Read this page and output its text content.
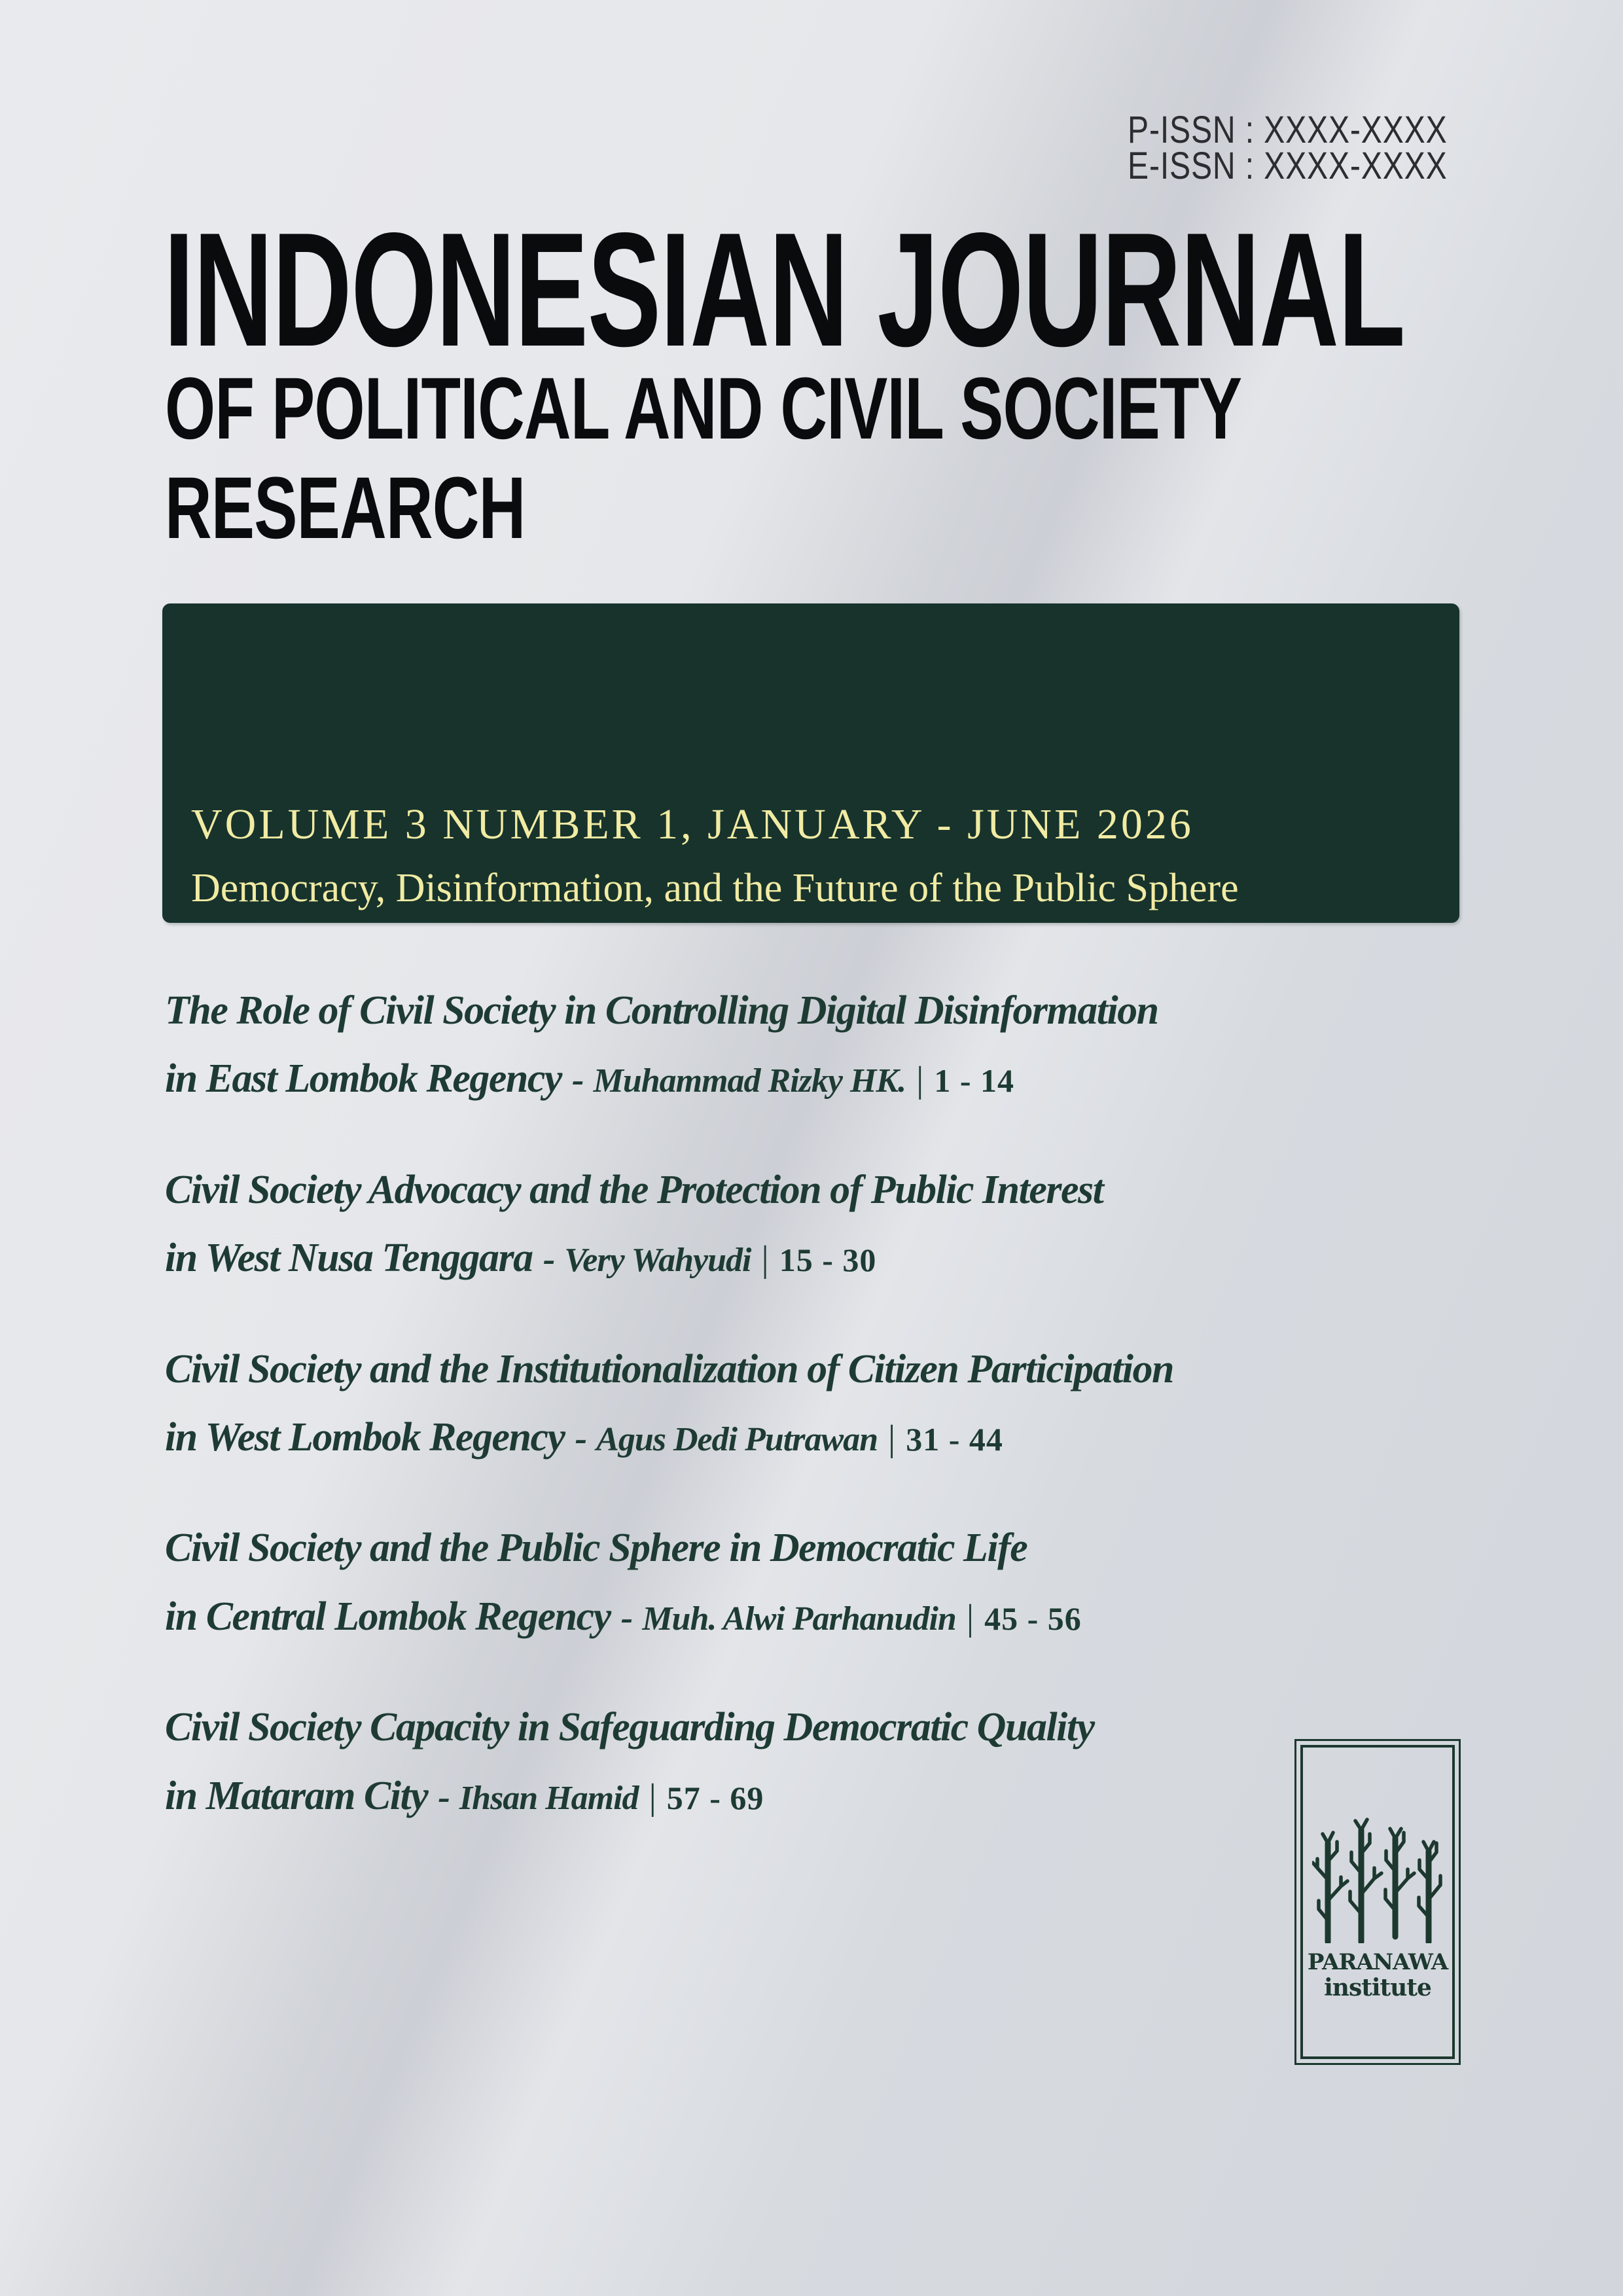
P-ISSN : XXXX-XXXX
E-ISSN : XXXX-XXXX
INDONESIAN JOURNAL
OF POLITICAL AND CIVIL SOCIETY
RESEARCH
VOLUME 3 NUMBER 1, JANUARY - JUNE 2026
Democracy, Disinformation, and the Future of the Public Sphere
The Role of Civil Society in Controlling Digital Disinformation
in East Lombok Regency - Muhammad Rizky HK. | 1 - 14
Civil Society Advocacy and the Protection of Public Interest
in West Nusa Tenggara - Very Wahyudi | 15 - 30
Civil Society and the Institutionalization of Citizen Participation
in West Lombok Regency - Agus Dedi Putrawan | 31 - 44
Civil Society and the Public Sphere in Democratic Life
in Central Lombok Regency - Muh. Alwi Parhanudin | 45 - 56
Civil Society Capacity in Safeguarding Democratic Quality
in Mataram City - Ihsan Hamid | 57 - 69
PARANAWA
institute
